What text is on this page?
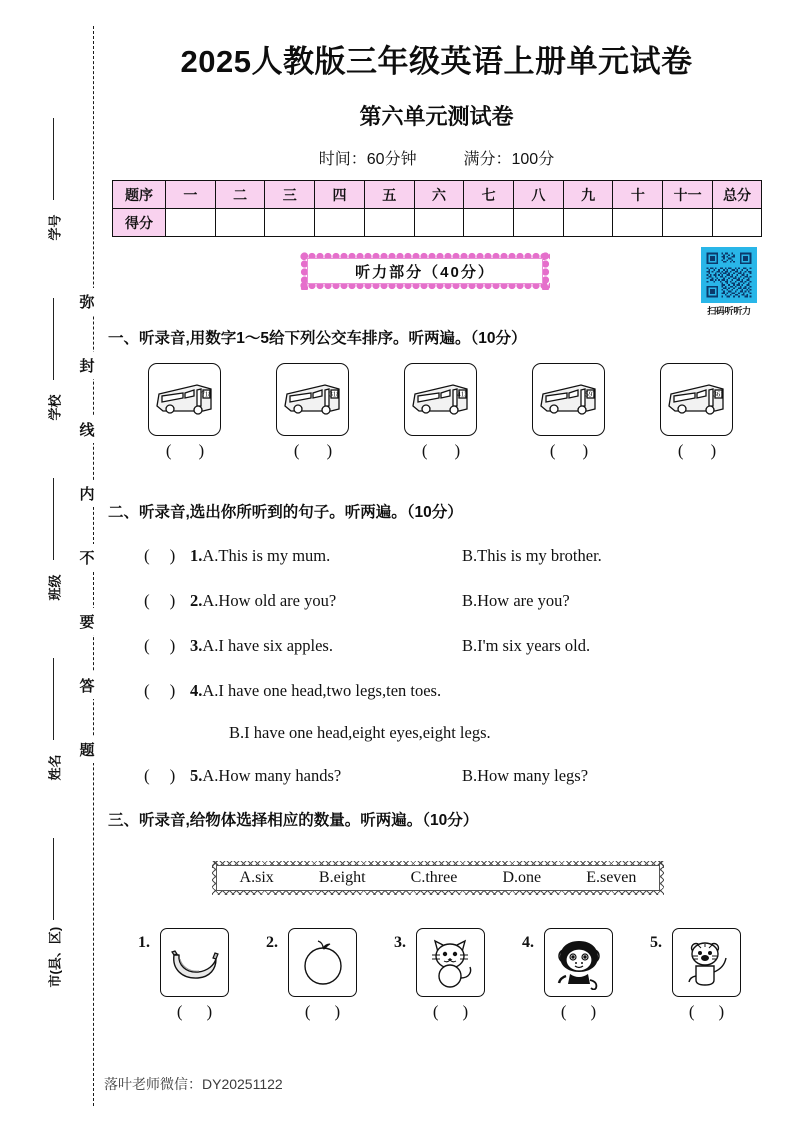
弥
封
线
内
不
要
答
题
学号
学校
班级
姓名
市(县、区)
2025人教版三年级英语上册单元试卷
第六单元测试卷
时间：60分钟	满分：100分
题序	一	二	三	四	五	六	七	八	九	十	十一	总分
得分												
听力部分（40分）
扫码听听力
一、听录音,用数字1～5给下列公交车排序。听两遍。（10分）
718
( )
318
( )
413
( )
597
( )
361
( )
二、听录音,选出你所听到的句子。听两遍。（10分）
( ) 1.A.This is my mum.	B.This is my brother.
( ) 2.A.How old are you?	B.How are you?
( ) 3.A.I have six apples.	B.I'm six years old.
( ) 4.A.I have one head,two legs,ten toes.
B.I have one head,eight eyes,eight legs.
( ) 5.A.How many hands?	B.How many legs?
三、听录音,给物体选择相应的数量。听两遍。（10分）
A.six	B.eight	C.three	D.one	E.seven
1.
( )
2.
( )
3.
( )
4.
( )
5.
( )
落叶老师微信：DY20251122
